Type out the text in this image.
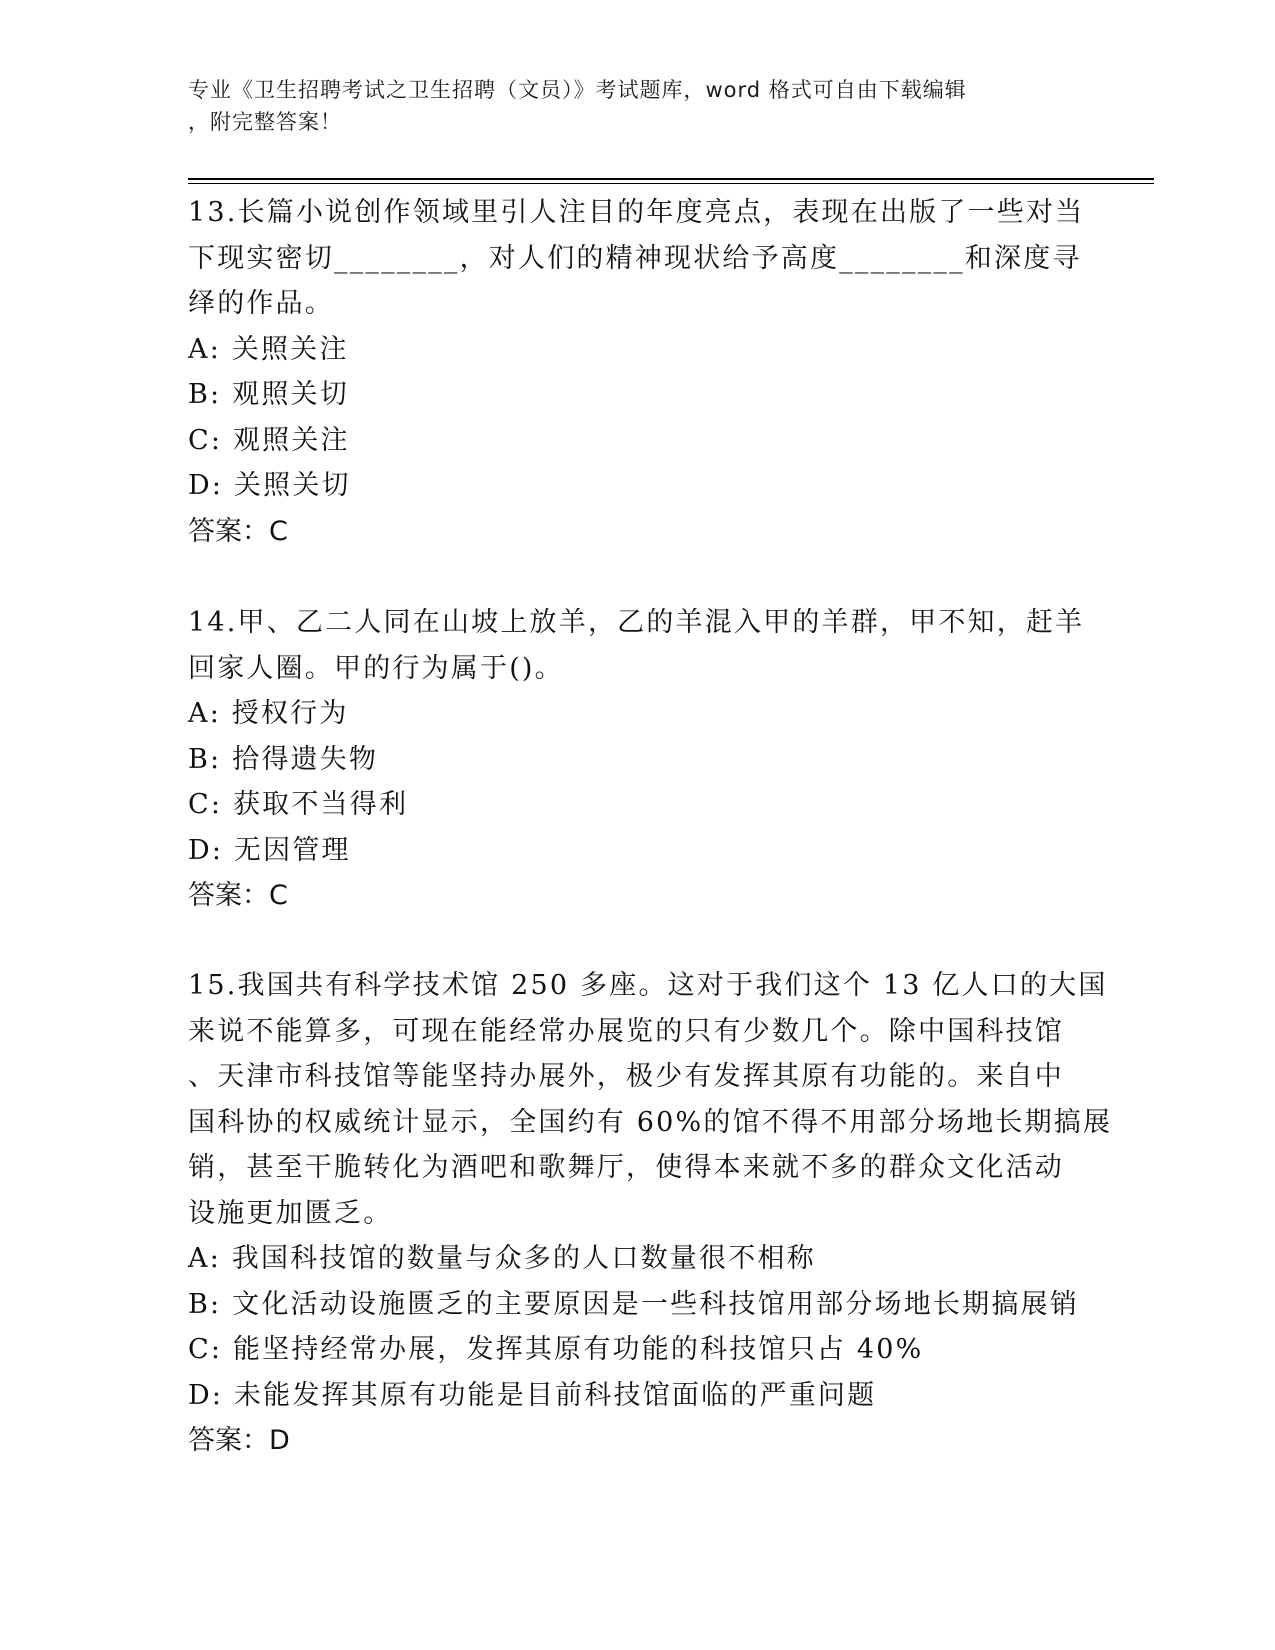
专业《卫生招聘考试之卫生招聘（文员）》考试题库，word 格式可自由下载编辑
，附完整答案！

13.长篇小说创作领域里引人注目的年度亮点，表现在出版了一些对当

下现实密切________，对人们的精神现状给予高度________和深度寻

绎的作品。

A: 关照关注

B: 观照关切

C: 观照关注

D: 关照关切

答案：C

14.甲、乙二人同在山坡上放羊，乙的羊混入甲的羊群，甲不知，赶羊

回家人圈。甲的行为属于()。

A: 授权行为

B: 拾得遗失物

C: 获取不当得利

D: 无因管理

答案：C

15.我国共有科学技术馆 250 多座。这对于我们这个 13 亿人口的大国

来说不能算多，可现在能经常办展览的只有少数几个。除中国科技馆

、天津市科技馆等能坚持办展外，极少有发挥其原有功能的。来自中

国科协的权威统计显示，全国约有 60%的馆不得不用部分场地长期搞展

销，甚至干脆转化为酒吧和歌舞厅，使得本来就不多的群众文化活动

设施更加匮乏。

A: 我国科技馆的数量与众多的人口数量很不相称

B: 文化活动设施匮乏的主要原因是一些科技馆用部分场地长期搞展销

C: 能坚持经常办展，发挥其原有功能的科技馆只占 40%

D: 未能发挥其原有功能是目前科技馆面临的严重问题

答案：D
